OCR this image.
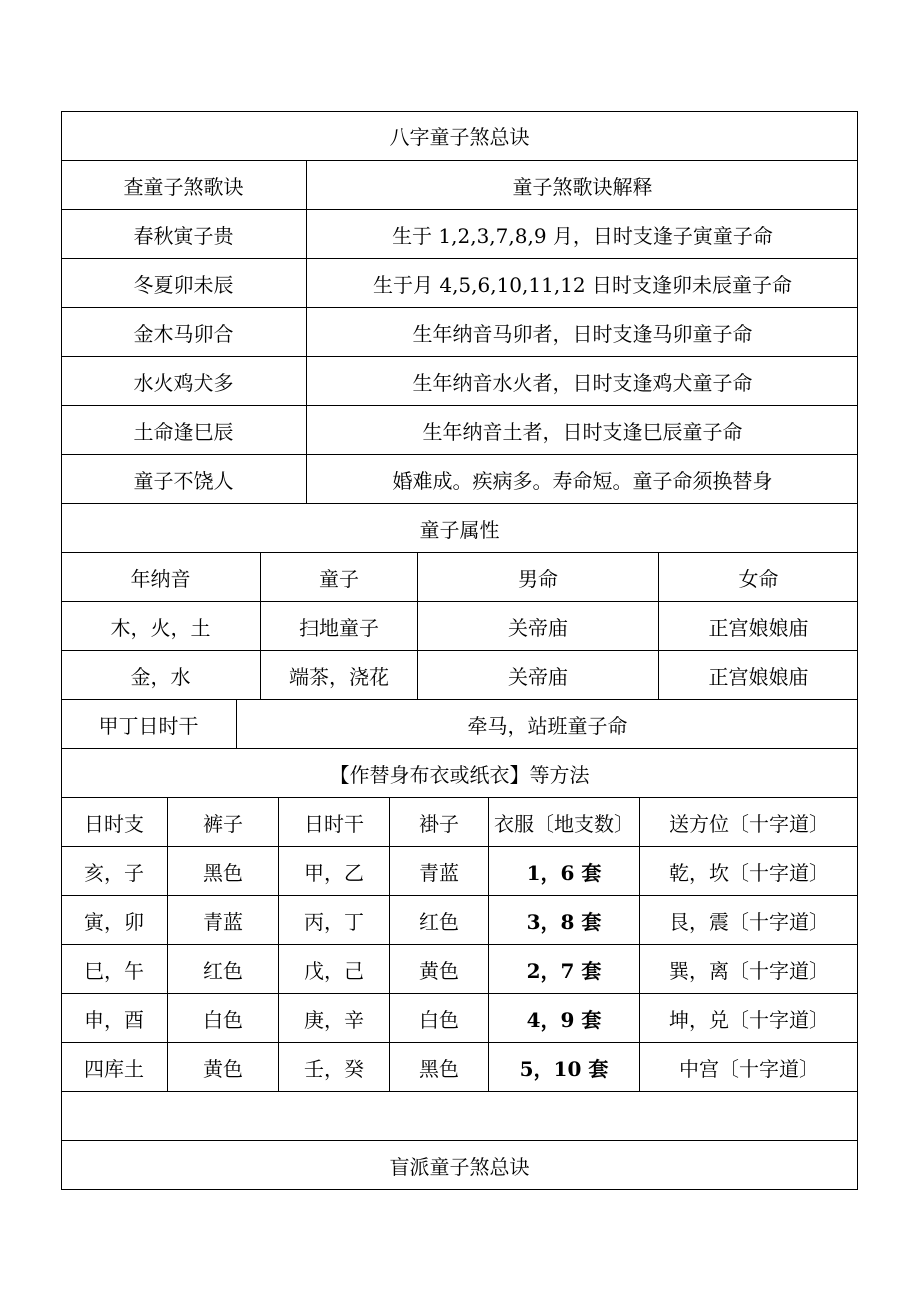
八字童子煞总诀
查童子煞歌诀	童子煞歌诀解释
春秋寅子贵	生于 1,2,3,7,8,9 月，日时支逢子寅童子命
冬夏卯未辰	生于月 4,5,6,10,11,12 日时支逢卯未辰童子命
金木马卯合	生年纳音马卯者，日时支逢马卯童子命
水火鸡犬多	生年纳音水火者，日时支逢鸡犬童子命
土命逢巳辰	生年纳音土者，日时支逢巳辰童子命
童子不饶人	婚难成。疾病多。寿命短。童子命须换替身
童子属性
年纳音	童子	男命	女命
木，火，土	扫地童子	关帝庙	正宫娘娘庙
金，水	端茶，浇花	关帝庙	正宫娘娘庙
甲丁日时干	牵马，站班童子命
【作替身布衣或纸衣】等方法
日时支	裤子	日时干	褂子	衣服〔地支数〕	送方位〔十字道〕
亥，子	黑色	甲，乙	青蓝	1，6 套	乾，坎〔十字道〕
寅，卯	青蓝	丙，丁	红色	3，8 套	艮，震〔十字道〕
巳，午	红色	戊，己	黄色	2，7 套	巽，离〔十字道〕
申，酉	白色	庚，辛	白色	4，9 套	坤，兑〔十字道〕
四库土	黄色	壬，癸	黑色	5，10 套	中宫〔十字道〕
盲派童子煞总诀
